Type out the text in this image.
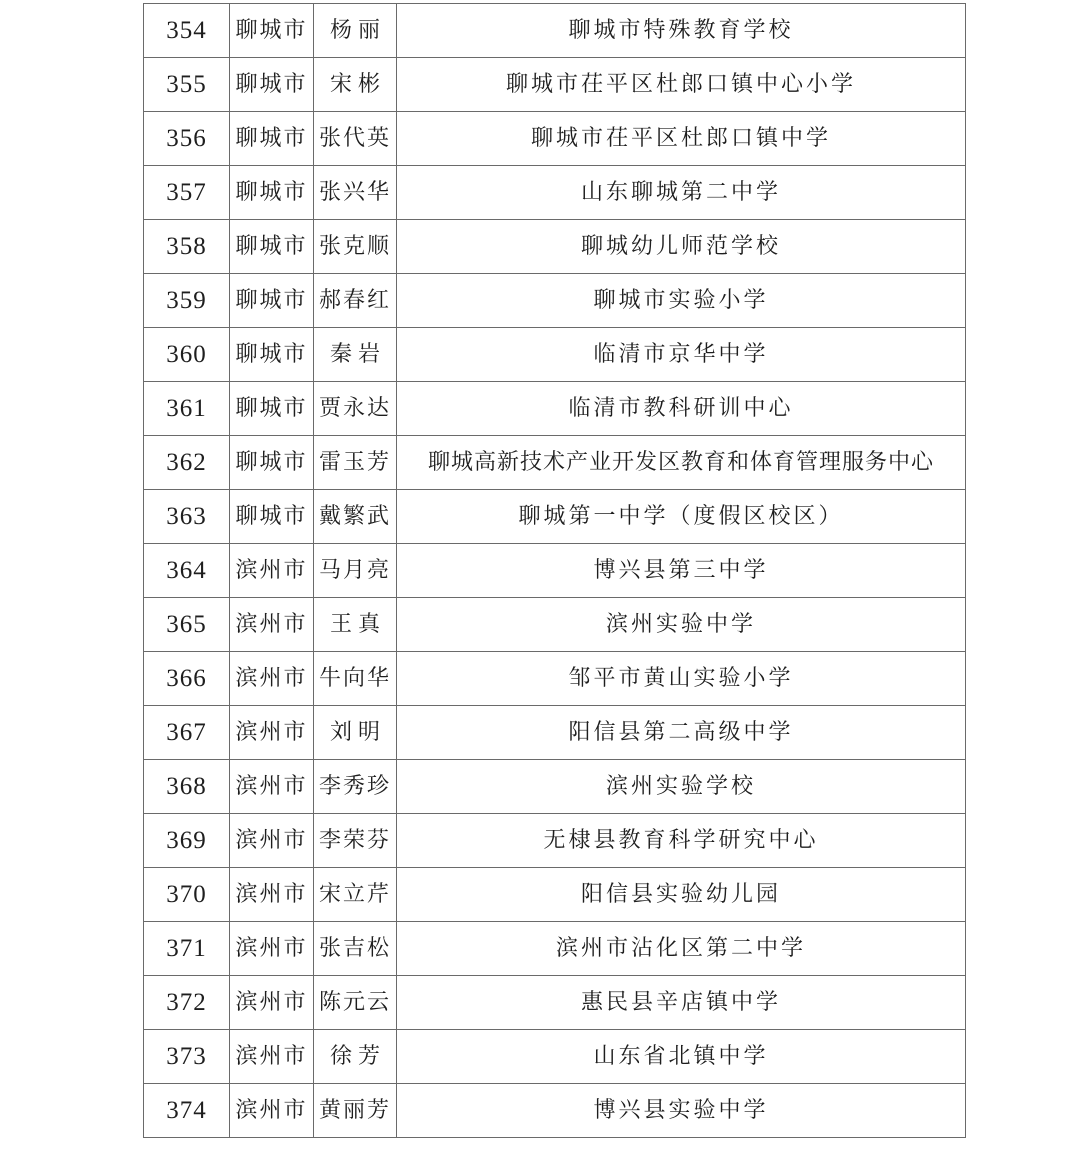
354	聊城市	杨丽	聊城市特殊教育学校
355	聊城市	宋彬	聊城市茌平区杜郎口镇中心小学
356	聊城市	张代英	聊城市茌平区杜郎口镇中学
357	聊城市	张兴华	山东聊城第二中学
358	聊城市	张克顺	聊城幼儿师范学校
359	聊城市	郝春红	聊城市实验小学
360	聊城市	秦岩	临清市京华中学
361	聊城市	贾永达	临清市教科研训中心
362	聊城市	雷玉芳	聊城高新技术产业开发区教育和体育管理服务中心
363	聊城市	戴繁武	聊城第一中学（度假区校区）
364	滨州市	马月亮	博兴县第三中学
365	滨州市	王真	滨州实验中学
366	滨州市	牛向华	邹平市黄山实验小学
367	滨州市	刘明	阳信县第二高级中学
368	滨州市	李秀珍	滨州实验学校
369	滨州市	李荣芬	无棣县教育科学研究中心
370	滨州市	宋立芹	阳信县实验幼儿园
371	滨州市	张吉松	滨州市沾化区第二中学
372	滨州市	陈元云	惠民县辛店镇中学
373	滨州市	徐芳	山东省北镇中学
374	滨州市	黄丽芳	博兴县实验中学
